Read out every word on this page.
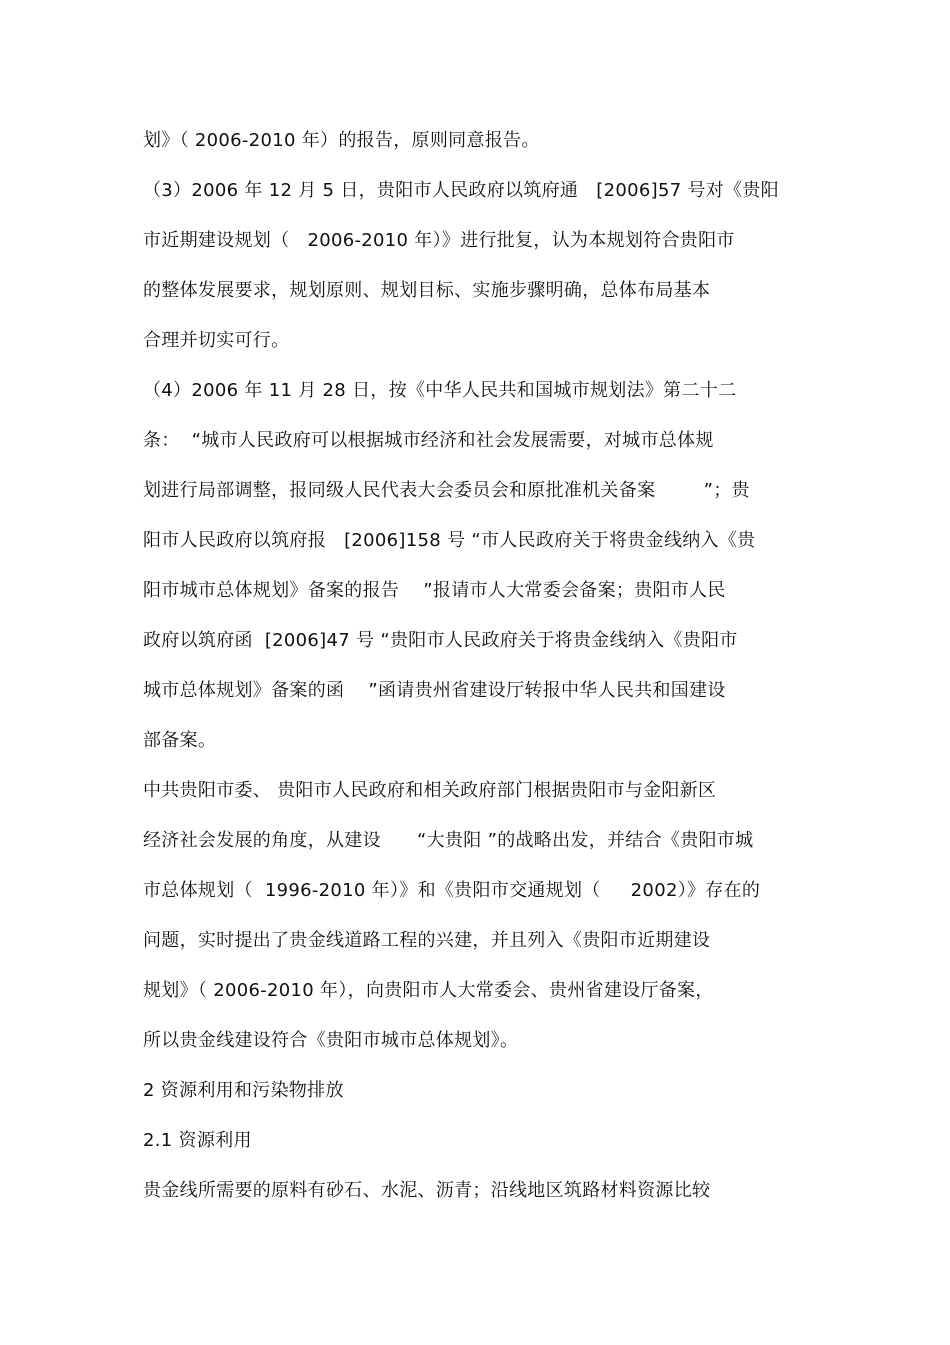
划》（ 2006-2010 年）的报告，原则同意报告。
（3）2006 年 12 月 5 日，贵阳市人民政府以筑府通   [2006]57 号对《贵阳
市近期建设规划（   2006-2010 年）》进行批复，认为本规划符合贵阳市
的整体发展要求，规划原则、规划目标、实施步骤明确，总体布局基本
合理并切实可行。
（4）2006 年 11 月 28 日，按《中华人民共和国城市规划法》第二十二
条：  “城市人民政府可以根据城市经济和社会发展需要，对城市总体规
划进行局部调整，报同级人民代表大会委员会和原批准机关备案        ”；贵
阳市人民政府以筑府报   [2006]158 号 “市人民政府关于将贵金线纳入《贵
阳市城市总体规划》备案的报告    ”报请市人大常委会备案；贵阳市人民
政府以筑府函  [2006]47 号 “贵阳市人民政府关于将贵金线纳入《贵阳市
城市总体规划》备案的函    ”函请贵州省建设厅转报中华人民共和国建设
部备案。
中共贵阳市委、 贵阳市人民政府和相关政府部门根据贵阳市与金阳新区
经济社会发展的角度，从建设      “大贵阳 ”的战略出发，并结合《贵阳市城
市总体规划（  1996-2010 年）》和《贵阳市交通规划（     2002）》存在的
问题，实时提出了贵金线道路工程的兴建，并且列入《贵阳市近期建设
规划》（ 2006-2010 年），向贵阳市人大常委会、贵州省建设厅备案，
所以贵金线建设符合《贵阳市城市总体规划》。
2 资源利用和污染物排放
2.1 资源利用
贵金线所需要的原料有砂石、水泥、沥青；沿线地区筑路材料资源比较
